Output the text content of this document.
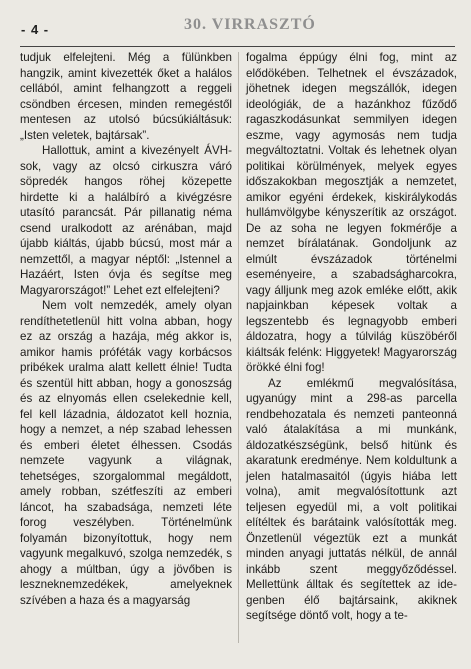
- 4 -	30. VIRRASZTÓ

tudjuk elfelejteni. Még a fülünkben hangzik, amint kivezették őket a halálos cellából, amint felhangzott a reggeli csöndben ércesen, minden remegéstől mentesen az utolsó búcsúkiáltásuk: „Isten veletek, bajtársak”.

Hallottuk, amint a kivezényelt ÁVH-sok, vagy az olcsó cirkuszra váró söpredék hangos röhej közepette hirdette ki a halálbíró a kivégzésre utasító parancsát. Pár pillanatig néma csend uralkodott az arénában, majd újabb kiáltás, újabb búcsú, most már a nemzettől, a magyar néptől: „Istennel a Hazáért, Isten óvja és segítse meg Magyarországot!” Lehet ezt elfelejteni?

Nem volt nemzedék, amely olyan rendíthetetlenül hitt volna abban, hogy ez az ország a hazája, még akkor is, amikor hamis próféták vagy korbácsos pribékek uralma alatt kellett élnie! Tudta és szentül hitt abban, hogy a gonoszság és az elnyomás ellen cselekednie kell, fel kell lázadnia, áldozatot kell hoznia, hogy a nemzet, a nép szabad lehessen és emberi életet élhessen. Csodás nemzete vagyunk a világnak, tehetséges, szorgalommal megáldott, amely robban, szétfeszíti az emberi láncot, ha szabadsága, nemzeti léte forog veszélyben. Történelmünk folyamán bizonyítottuk, hogy nem vagyunk megalkuvó, szolga nemzedék, s ahogy a múltban, úgy a jövőben is leszneknemzedékek, amelyeknek szívében a haza és a magyarság

fogalma éppúgy élni fog, mint az elődökében. Telhetnek el évszázadok, jöhetnek idegen megszállók, idegen ideológiák, de a hazánkhoz fűződő ragaszkodásunkat semmilyen idegen eszme, vagy agymosás nem tudja megváltoztatni. Voltak és lehetnek olyan politikai körülmények, melyek egyes időszakokban megosztják a nemzetet, amikor egyéni érdekek, kiskirálykodás hullámvölgybe kényszerítik az országot. De az soha ne legyen fokmérője a nemzet bírálatának. Gondoljunk az elmúlt évszázadok történelmi eseményeire, a szabadságharcokra, vagy álljunk meg azok emléke előtt, akik napjainkban képesek voltak a legszentebb és legnagyobb emberi áldozatra, hogy a túlvilág küszöbéről kiáltsák felénk: Higgyetek! Magyarország örökké élni fog!

Az emlékmű megvalósítása, ugyanúgy mint a 298-as parcella rendbehozatala és nemzeti panteonná való átalakítása a mi munkánk, áldozatkészségünk, belső hitünk és akaratunk eredménye. Nem koldultunk a jelen hatalmasaitól (úgyis hiába lett volna), amit megvalósítottunk azt teljesen egyedül mi, a volt politikai elítéltek és barátaink valósították meg. Önzetlenül végeztük ezt a munkát minden anyagi juttatás nélkül, de annál inkább szent meggyőződéssel. Mellettünk álltak és segítettek az ide-genben élő bajtársaink, akiknek segítsége döntő volt, hogy a te-
